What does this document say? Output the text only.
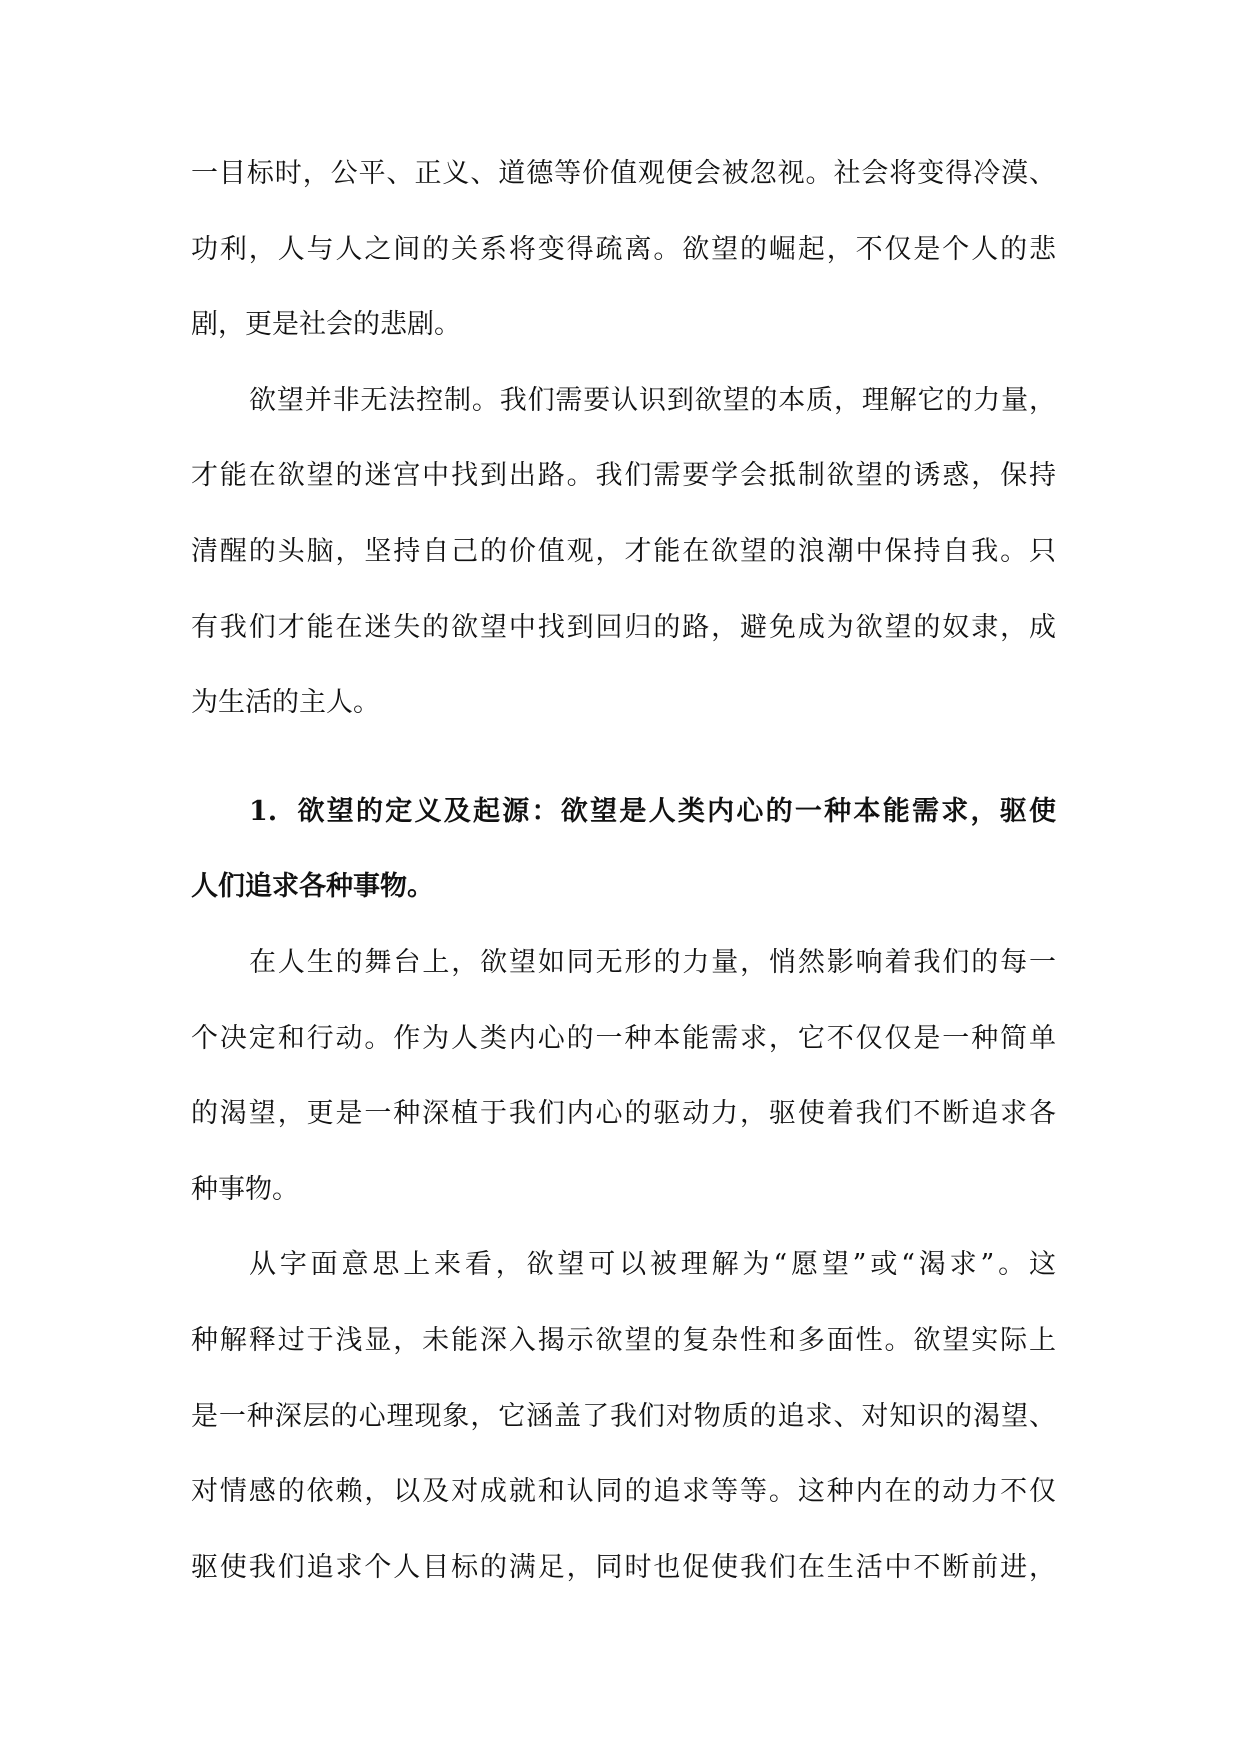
一目标时，公平、正义、道德等价值观便会被忽视。社会将变得冷漠、
功利，人与人之间的关系将变得疏离。欲望的崛起，不仅是个人的悲
剧，更是社会的悲剧。
欲望并非无法控制。我们需要认识到欲望的本质，理解它的力量，
才能在欲望的迷宫中找到出路。我们需要学会抵制欲望的诱惑，保持
清醒的头脑，坚持自己的价值观，才能在欲望的浪潮中保持自我。只
有我们才能在迷失的欲望中找到回归的路，避免成为欲望的奴隶，成
为生活的主人。
1. 欲望的定义及起源：欲望是人类内心的一种本能需求，驱使
人们追求各种事物。
在人生的舞台上，欲望如同无形的力量，悄然影响着我们的每一
个决定和行动。作为人类内心的一种本能需求，它不仅仅是一种简单
的渴望，更是一种深植于我们内心的驱动力，驱使着我们不断追求各
种事物。
从字面意思上来看，欲望可以被理解为“愿望”或“渴求”。这
种解释过于浅显，未能深入揭示欲望的复杂性和多面性。欲望实际上
是一种深层的心理现象，它涵盖了我们对物质的追求、对知识的渴望、
对情感的依赖，以及对成就和认同的追求等等。这种内在的动力不仅
驱使我们追求个人目标的满足，同时也促使我们在生活中不断前进，
